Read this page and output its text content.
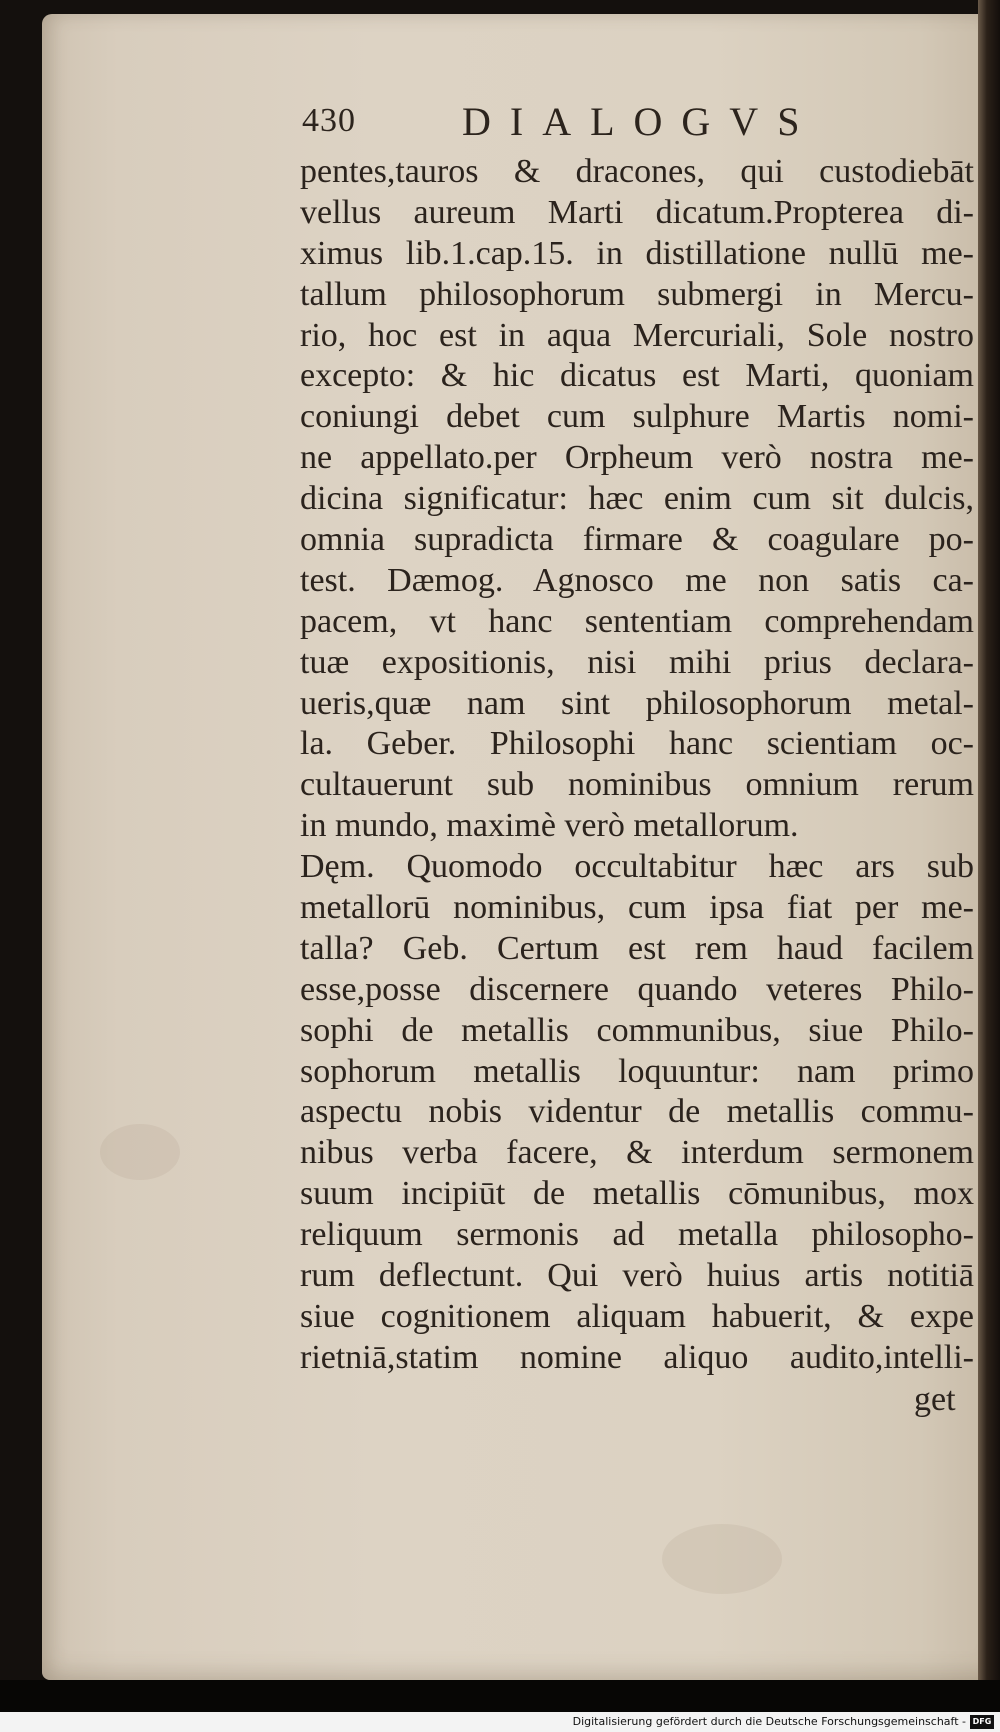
430	DIALOGVS
pentes,tauros & dracones, qui custodiebāt
vellus aureum Marti dicatum.Propterea di-
ximus lib.1.cap.15. in distillatione nullū me-
tallum philosophorum submergi in Mercu-
rio, hoc est in aqua Mercuriali, Sole nostro
excepto: & hic dicatus est Marti, quoniam
coniungi debet cum sulphure Martis nomi-
ne appellato.per Orpheum verò nostra me-
dicina significatur: hæc enim cum sit dulcis,
omnia supradicta firmare & coagulare po-
test. Dæmog. Agnosco me non satis ca-
pacem, vt hanc sententiam comprehendam
tuæ expositionis, nisi mihi prius declara-
ueris,quæ nam sint philosophorum metal-
la. Geber. Philosophi hanc scientiam oc-
cultauerunt sub nominibus omnium rerum
in mundo, maximè verò metallorum.
Dęm. Quomodo occultabitur hæc ars sub
metallorū nominibus, cum ipsa fiat per me-
talla? Geb. Certum est rem haud facilem
esse,posse discernere quando veteres Philo-
sophi de metallis communibus, siue Philo-
sophorum metallis loquuntur: nam primo
aspectu nobis videntur de metallis commu-
nibus verba facere, & interdum sermonem
suum incipiūt de metallis cōmunibus, mox
reliquum sermonis ad metalla philosopho-
rum deflectunt. Qui verò huius artis notitiā
siue cognitionem aliquam habuerit, & expe
rietniā,statim nomine aliquo audito,intelli-
get
Digitalisierung gefördert durch die Deutsche Forschungsgemeinschaft - DFG
